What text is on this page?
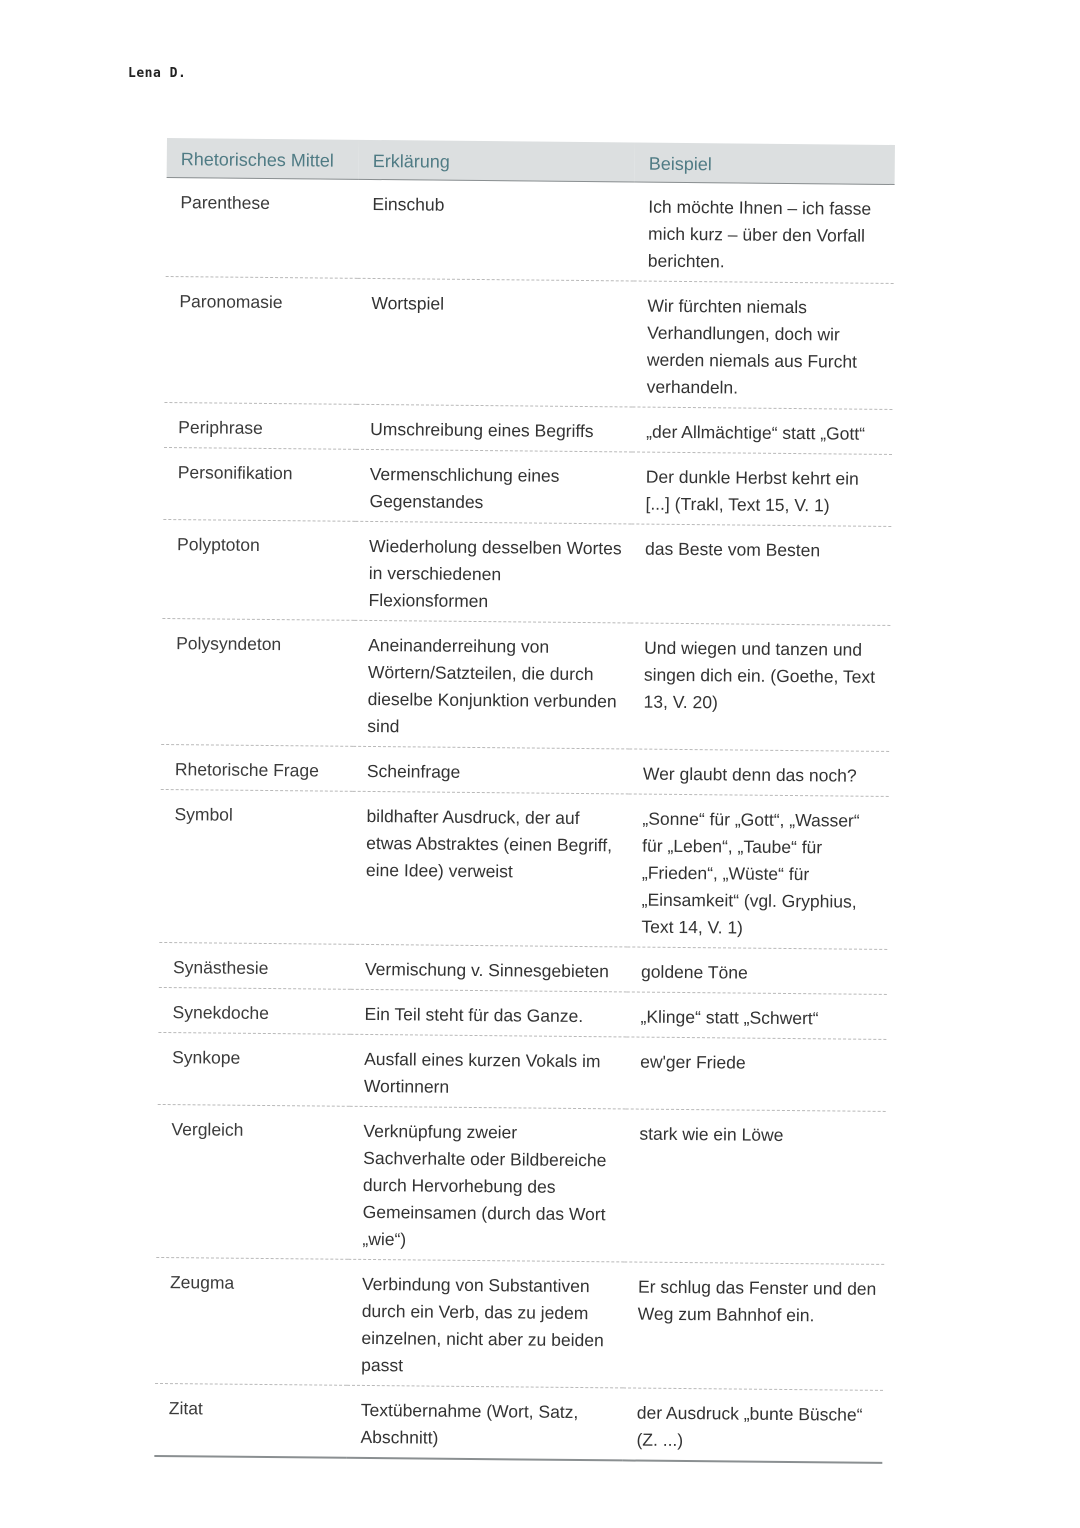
Lena D.
Rhetorisches Mittel	Erklärung	Beispiel
Parenthese	Einschub	Ich möchte Ihnen – ich fasse mich kurz – über den Vorfall berichten.
Paronomasie	Wortspiel	Wir fürchten niemals Verhandlungen, doch wir werden niemals aus Furcht verhandeln.
Periphrase	Umschreibung eines Begriffs	„der Allmächtige“ statt „Gott“
Personifikation	Vermenschlichung eines Gegenstandes	Der dunkle Herbst kehrt ein [...] (Trakl, Text 15, V. 1)
Polyptoton	Wiederholung desselben Wortes in verschiedenen Flexionsformen	das Beste vom Besten
Polysyndeton	Aneinanderreihung von Wörtern/Satzteilen, die durch dieselbe Konjunktion verbunden sind	Und wiegen und tanzen und singen dich ein. (Goethe, Text 13, V. 20)
Rhetorische Frage	Scheinfrage	Wer glaubt denn das noch?
Symbol	bildhafter Ausdruck, der auf etwas Abstraktes (einen Begriff, eine Idee) verweist	„Sonne“ für „Gott“, „Wasser“ für „Leben“, „Taube“ für „Frieden“, „Wüste“ für „Einsamkeit“ (vgl. Gryphius, Text 14, V. 1)
Synästhesie	Vermischung v. Sinnesgebieten	goldene Töne
Synekdoche	Ein Teil steht für das Ganze.	„Klinge“ statt „Schwert“
Synkope	Ausfall eines kurzen Vokals im Wortinnern	ew'ger Friede
Vergleich	Verknüpfung zweier Sachverhalte oder Bildbereiche durch Hervorhebung des Gemeinsamen (durch das Wort „wie“)	stark wie ein Löwe
Zeugma	Verbindung von Substantiven durch ein Verb, das zu jedem einzelnen, nicht aber zu beiden passt	Er schlug das Fenster und den Weg zum Bahnhof ein.
Zitat	Textübernahme (Wort, Satz, Abschnitt)	der Ausdruck „bunte Büsche“ (Z. ...)
